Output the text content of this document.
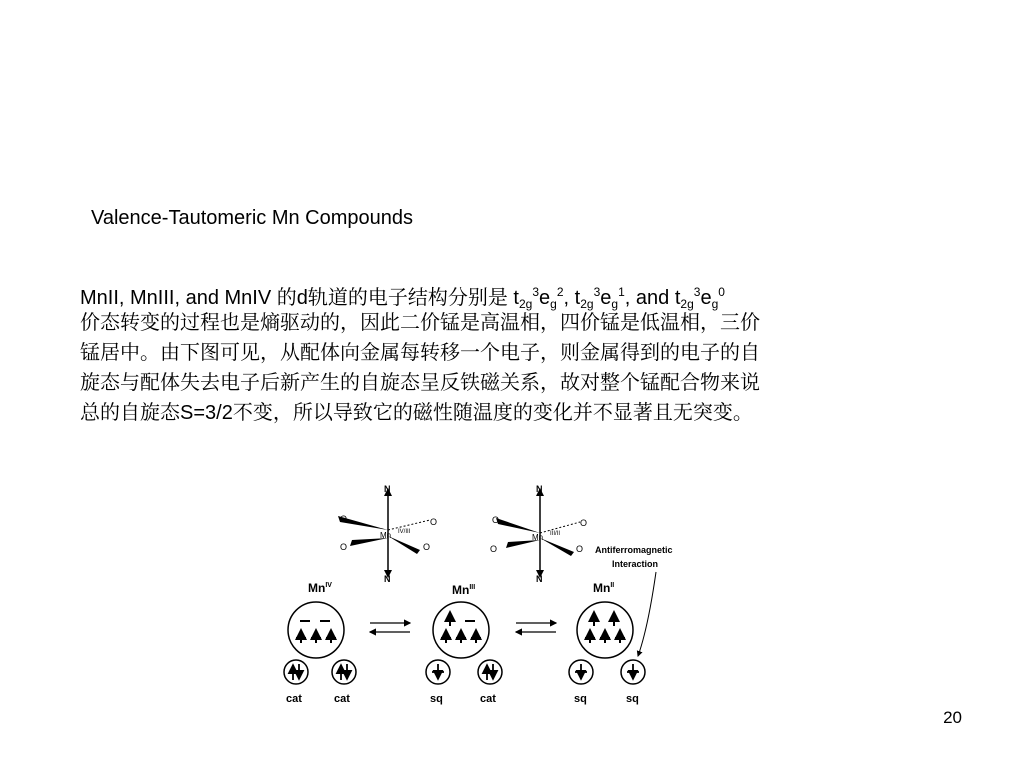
Valence-Tautomeric Mn Compounds
MnII, MnIII, and MnIV 的d轨道的电子结构分别是 $t_{2g}^3e_g^2$, $t_{2g}^3e_g^1$, and $t_{2g}^3e_g^0$
价态转变的过程也是熵驱动的，因此二价锰是高温相，四价锰是低温相，三价
锰居中。由下图可见，从配体向金属每转移一个电子，则金属得到的电子的自
旋态与配体失去电子后新产生的自旋态呈反铁磁关系，故对整个锰配合物来说
总的自旋态S=3/2不变，所以导致它的磁性随温度的变化并不显著且无突变。
N
N
O
O
O
O
Mn IV/III
N
N
O
O
O
O
Mn III/II
Antiferromagnetic
Interaction
$Mn^{IV}$	$Mn^{III}$	$Mn^{II}$
cat	cat	sq	cat	sq	sq
20
